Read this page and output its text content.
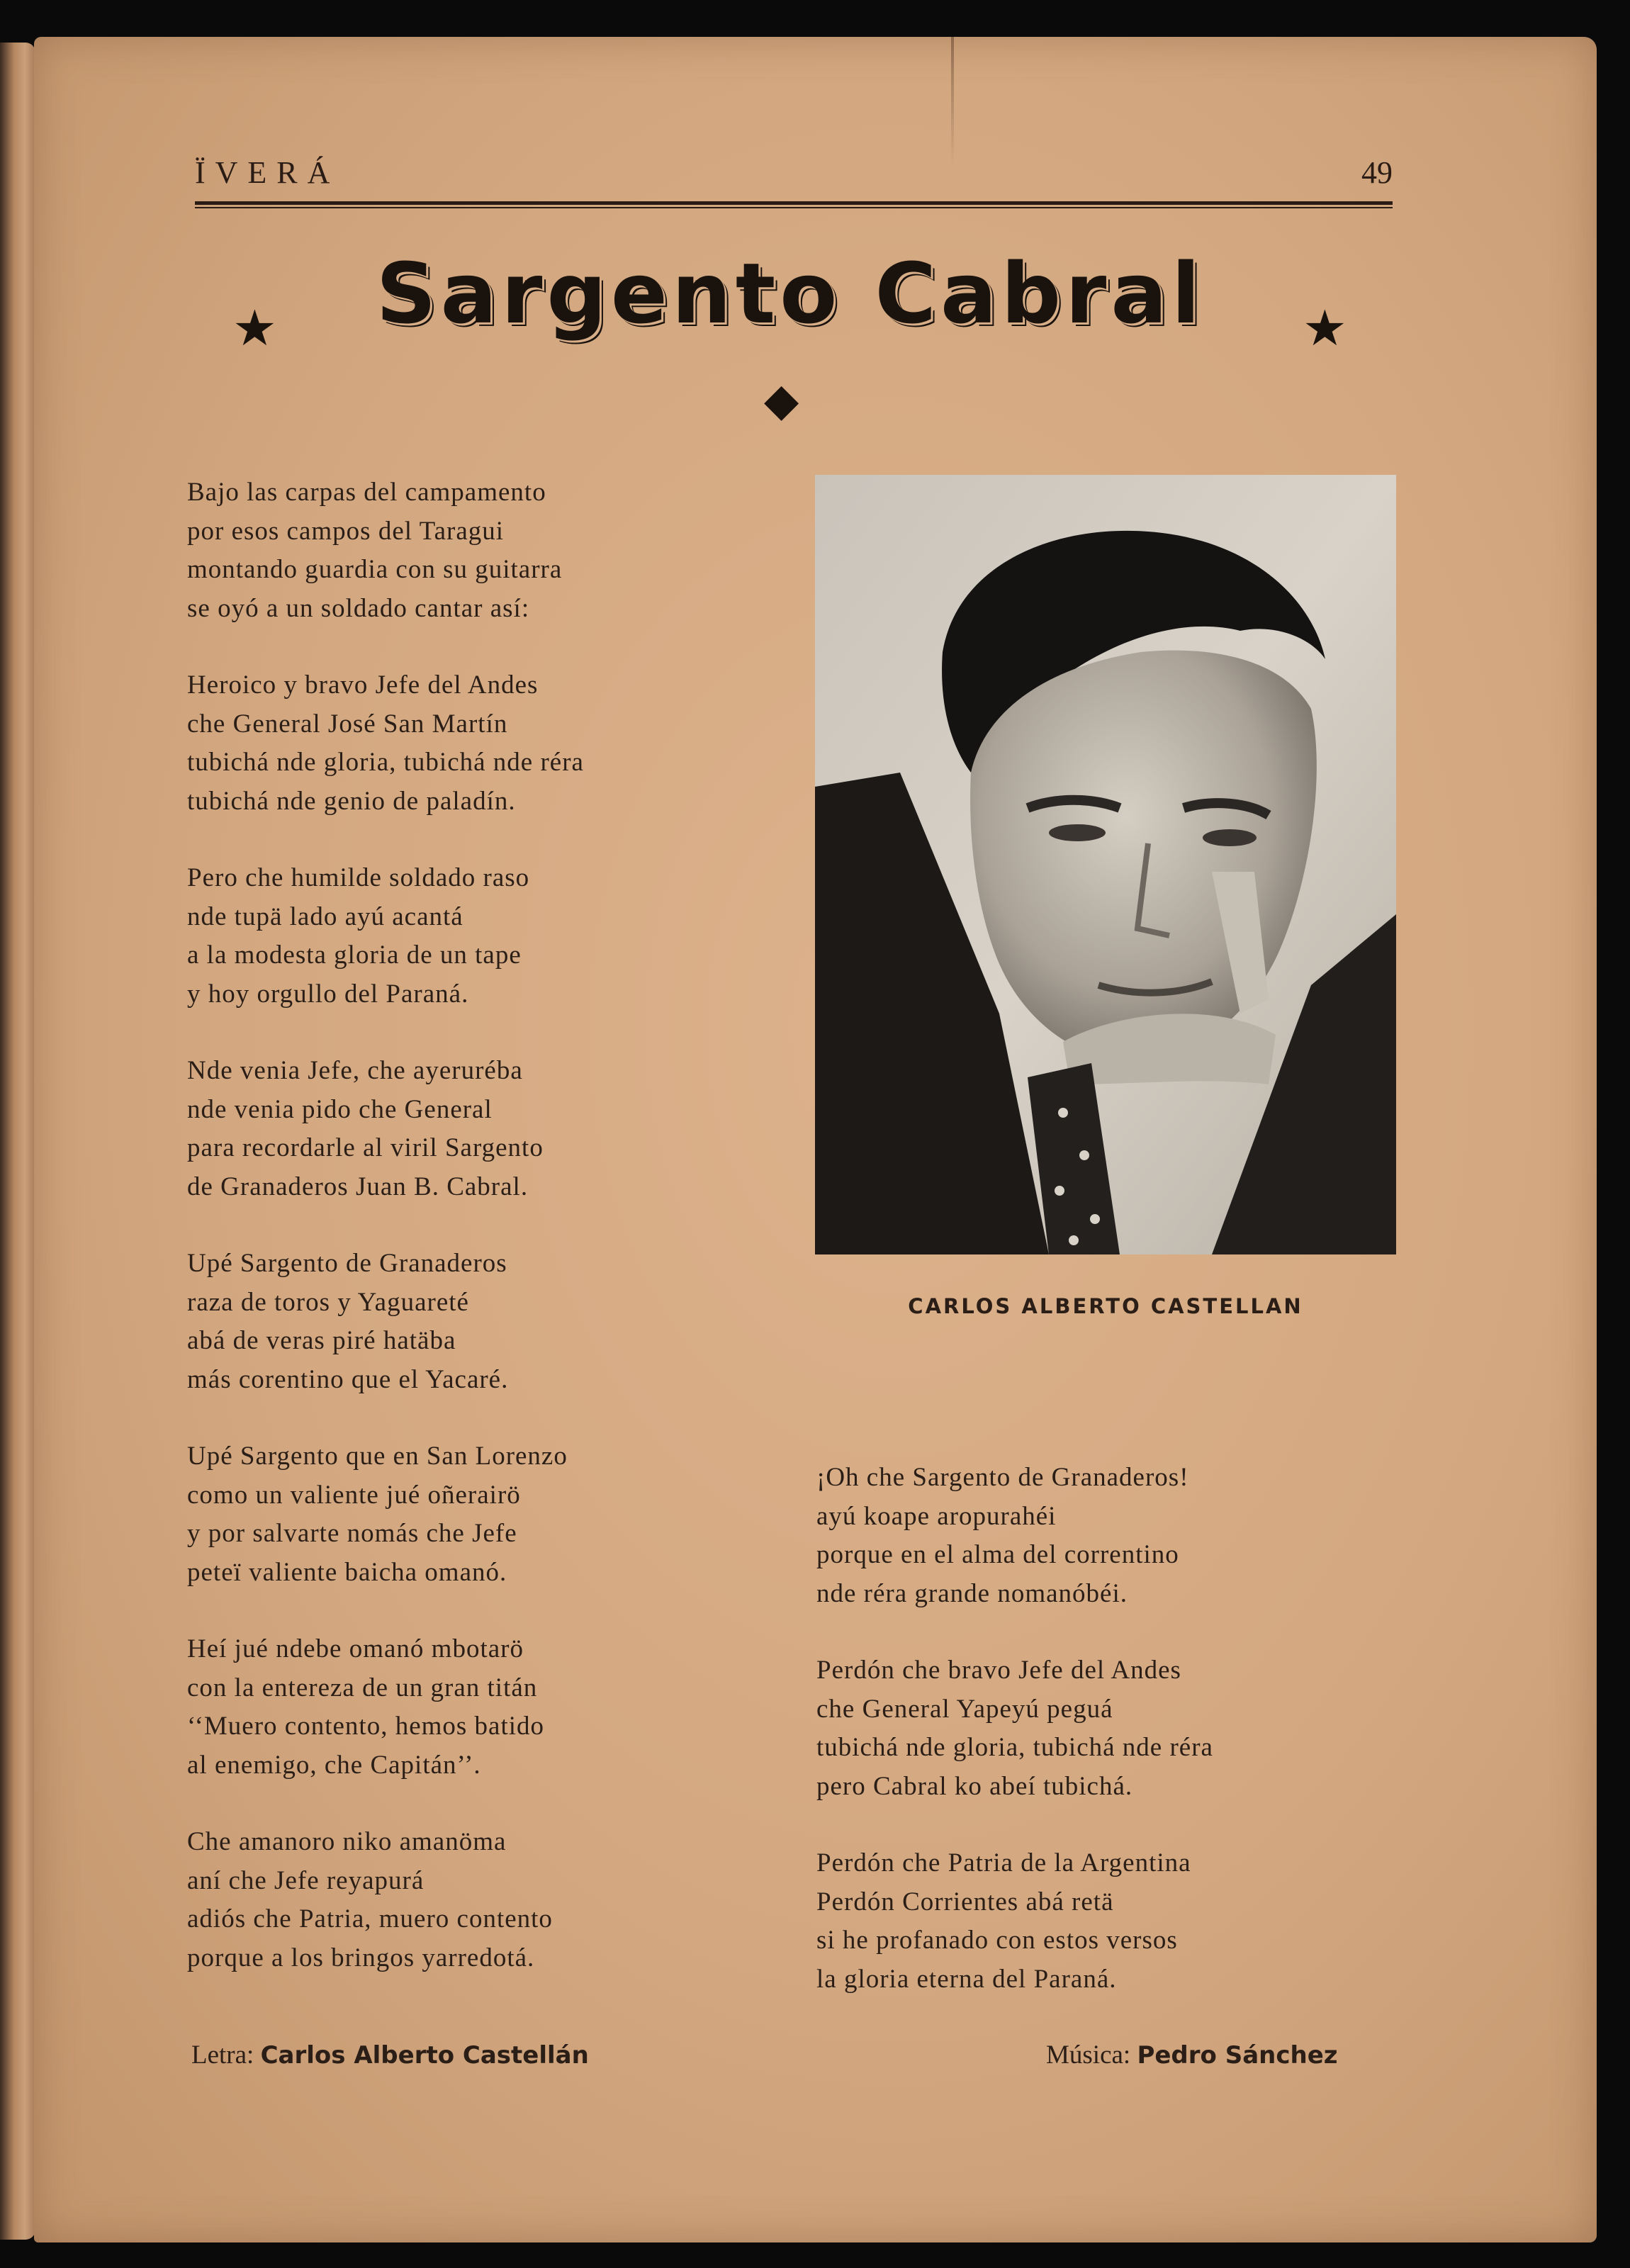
ÏVERÁ	49
Sargento Cabral
★	★
◆
Bajo las carpas del campamento
por esos campos del Taragui
montando guardia con su guitarra
se oyó a un soldado cantar así:
Heroico y bravo Jefe del Andes
che General José San Martín
tubichá nde gloria, tubichá nde réra
tubichá nde genio de paladín.
Pero che humilde soldado raso
nde tupä lado ayú acantá
a la modesta gloria de un tape
y hoy orgullo del Paraná.
Nde venia Jefe, che ayeruréba
nde venia pido che General
para recordarle al viril Sargento
de Granaderos Juan B. Cabral.
Upé Sargento de Granaderos
raza de toros y Yaguareté
abá de veras piré hatäba
más corentino que el Yacaré.
Upé Sargento que en San Lorenzo
como un valiente jué oñerairö
y por salvarte nomás che Jefe
peteï valiente baicha omanó.
Heí jué ndebe omanó mbotarö
con la entereza de un gran titán
‘‘Muero contento, hemos batido
al enemigo, che Capitán’’.
Che amanoro niko amanöma
aní che Jefe reyapurá
adiós che Patria, muero contento
porque a los bringos yarredotá.
CARLOS ALBERTO CASTELLAN
¡Oh che Sargento de Granaderos!
ayú koape aropurahéi
porque en el alma del correntino
nde réra grande nomanóbéi.
Perdón che bravo Jefe del Andes
che General Yapeyú peguá
tubichá nde gloria, tubichá nde réra
pero Cabral ko abeí tubichá.
Perdón che Patria de la Argentina
Perdón Corrientes abá retä
si he profanado con estos versos
la gloria eterna del Paraná.
Letra: Carlos Alberto Castellán	Música: Pedro Sánchez
